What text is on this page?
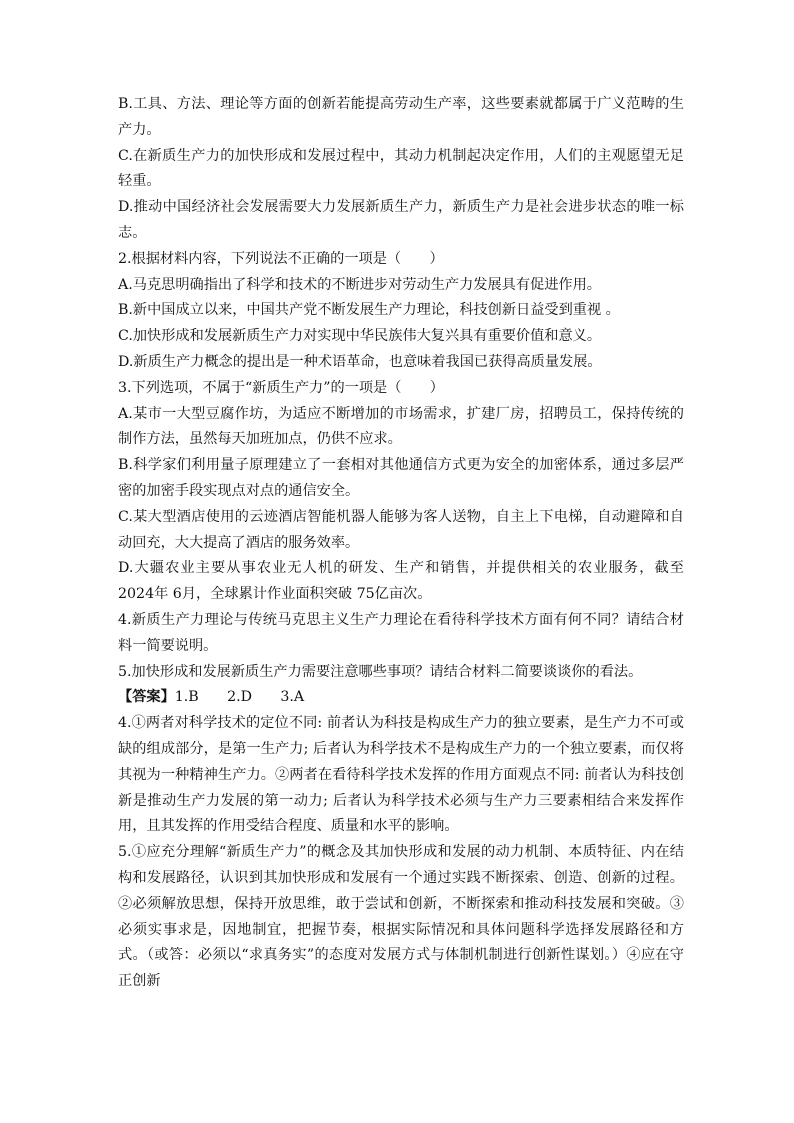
B.工具、方法、理论等方面的创新若能提高劳动生产率，这些要素就都属于广义范畴的生产力。

C.在新质生产力的加快形成和发展过程中，其动力机制起决定作用，人们的主观愿望无足轻重。

D.推动中国经济社会发展需要大力发展新质生产力，新质生产力是社会进步状态的唯一标志。

2.根据材料内容，下列说法不正确的一项是（　　）

A.马克思明确指出了科学和技术的不断进步对劳动生产力发展具有促进作用。

B.新中国成立以来，中国共产党不断发展生产力理论，科技创新日益受到重视 。

C.加快形成和发展新质生产力对实现中华民族伟大复兴具有重要价值和意义。

D.新质生产力概念的提出是一种术语革命，也意味着我国已获得高质量发展。

3.下列选项，不属于“新质生产力”的一项是（　　）

A.某市一大型豆腐作坊，为适应不断增加的市场需求，扩建厂房，招聘员工，保持传统的制作方法，虽然每天加班加点，仍供不应求。

B.科学家们利用量子原理建立了一套相对其他通信方式更为安全的加密体系，通过多层严密的加密手段实现点对点的通信安全。

C.某大型酒店使用的云迹酒店智能机器人能够为客人送物，自主上下电梯，自动避障和自动回充，大大提高了酒店的服务效率。

D.大疆农业主要从事农业无人机的研发、生产和销售，并提供相关的农业服务，截至 2024年 6月，全球累计作业面积突破 75亿亩次。

4.新质生产力理论与传统马克思主义生产力理论在看待科学技术方面有何不同？请结合材料一简要说明。

5.加快形成和发展新质生产力需要注意哪些事项？请结合材料二简要谈谈你的看法。

【答案】1.B　　2.D　　3.A

4.①两者对科学技术的定位不同: 前者认为科技是构成生产力的独立要素，是生产力不可或缺的组成部分，是第一生产力; 后者认为科学技术不是构成生产力的一个独立要素，而仅将其视为一种精神生产力。②两者在看待科学技术发挥的作用方面观点不同: 前者认为科技创新是推动生产力发展的第一动力; 后者认为科学技术必须与生产力三要素相结合来发挥作用，且其发挥的作用受结合程度、质量和水平的影响。

5.①应充分理解“新质生产力”的概念及其加快形成和发展的动力机制、本质特征、内在结构和发展路径，认识到其加快形成和发展有一个通过实践不断探索、创造、创新的过程。②必须解放思想，保持开放思维，敢于尝试和创新，不断探索和推动科技发展和突破。③必须实事求是，因地制宜，把握节奏，根据实际情况和具体问题科学选择发展路径和方式。（或答：必须以“求真务实”的态度对发展方式与体制机制进行创新性谋划。）④应在守正创新
